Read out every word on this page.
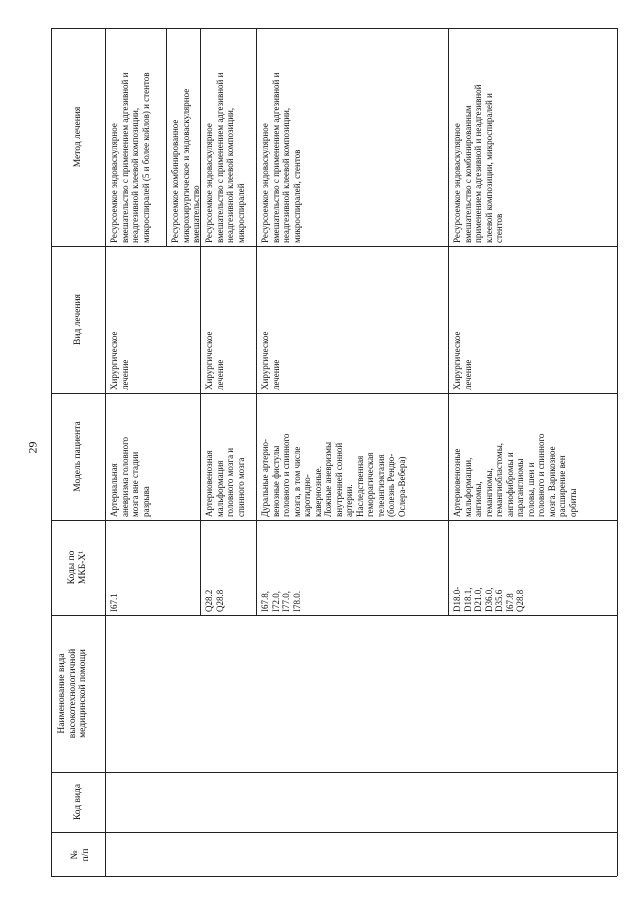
29
№
п/п
Код вида
Наименование вида
высокотехнологичной
медицинской помощи
Коды по
МКБ-X¹
Модель пациента
Вид лечения
Метод лечения
I67.1
Артериальная
аневризма головного
мозга вне стадии
разрыва
Хирургическое
лечение
Ресурсоемкое эндоваскулярное
вмешательство с применением адгезивной и
неадгезивной клеевой композиции,
микроспиралей (5 и более койлов) и стентов
Ресурсоемкое комбинированное
микрохирургическое и эндоваскулярное
вмешательство
Q28.2
Q28.8
Артериовенозная
мальформация
головного мозга и
спинного мозга
Хирургическое
лечение
Ресурсоемкое эндоваскулярное
вмешательство с применением адгезивной и
неадгезивной клеевой композиции,
микроспиралей
I67.8,
I72.0,
I77.0,
I78.0.
Дуральные артерио-
венозные фистулы
головного и спинного
мозга, в том числе
каротидно-
кавернозные.
Ложные аневризмы
внутренней сонной
артерии.
Наследственная
геморрагическая
телеангиэктазия
(болезнь Рендю-
Ослера-Вебера)
Хирургическое
лечение
Ресурсоемкое эндоваскулярное
вмешательство с применением адгезивной и
неадгезивной клеевой композиции,
микроспиралей, стентов
D18.0-
D18.1,
D21.0,
D36.0,
D35.6
I67.8
Q28.8
Артериовенозные
мальформации,
ангиомы,
гемангиомы,
гемангиобластомы,
ангиофибромы и
параганглиомы
головы, шеи и
головного и спинного
мозга. Варикозное
расширение вен
орбиты
Хирургическое
лечение
Ресурсоемкое эндоваскулярное
вмешательство с комбинированным
применением адгезивной и неадгезивной
клеевой композиции, микроспиралей и
стентов
